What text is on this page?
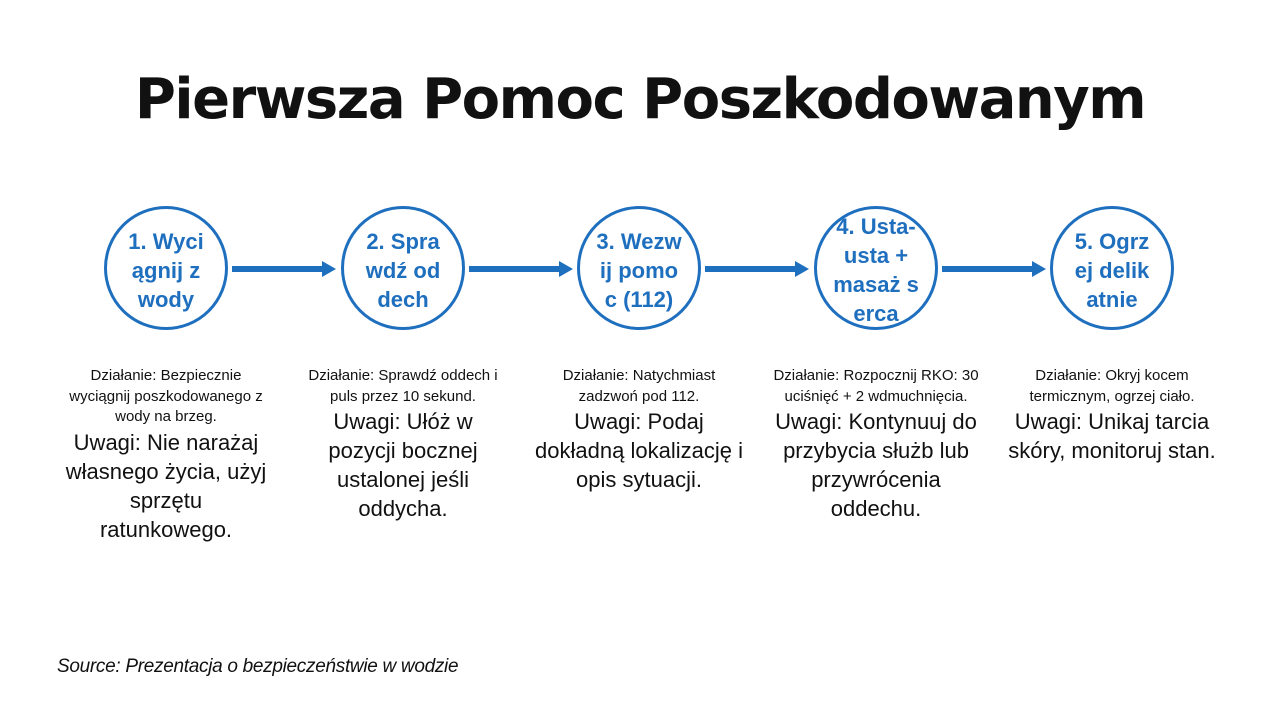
Pierwsza Pomoc Poszkodowanym
1. Wyciągnij z wody
2. Sprawdź oddech
3. Wezwij pomoc (112)
4. Usta-usta + masaż serca
5. Ogrzej delikatnie
Działanie: Bezpiecznie wyciągnij poszkodowanego z wody na brzeg.
Uwagi: Nie narażaj własnego życia, użyj sprzętu ratunkowego.
Działanie: Sprawdź oddech i puls przez 10 sekund.
Uwagi: Ułóż w pozycji bocznej ustalonej jeśli oddycha.
Działanie: Natychmiast zadzwoń pod 112.
Uwagi: Podaj dokładną lokalizację i opis sytuacji.
Działanie: Rozpocznij RKO: 30 uciśnięć + 2 wdmuchnięcia.
Uwagi: Kontynuuj do przybycia służb lub przywrócenia oddechu.
Działanie: Okryj kocem termicznym, ogrzej ciało.
Uwagi: Unikaj tarcia skóry, monitoruj stan.
Source: Prezentacja o bezpieczeństwie w wodzie
